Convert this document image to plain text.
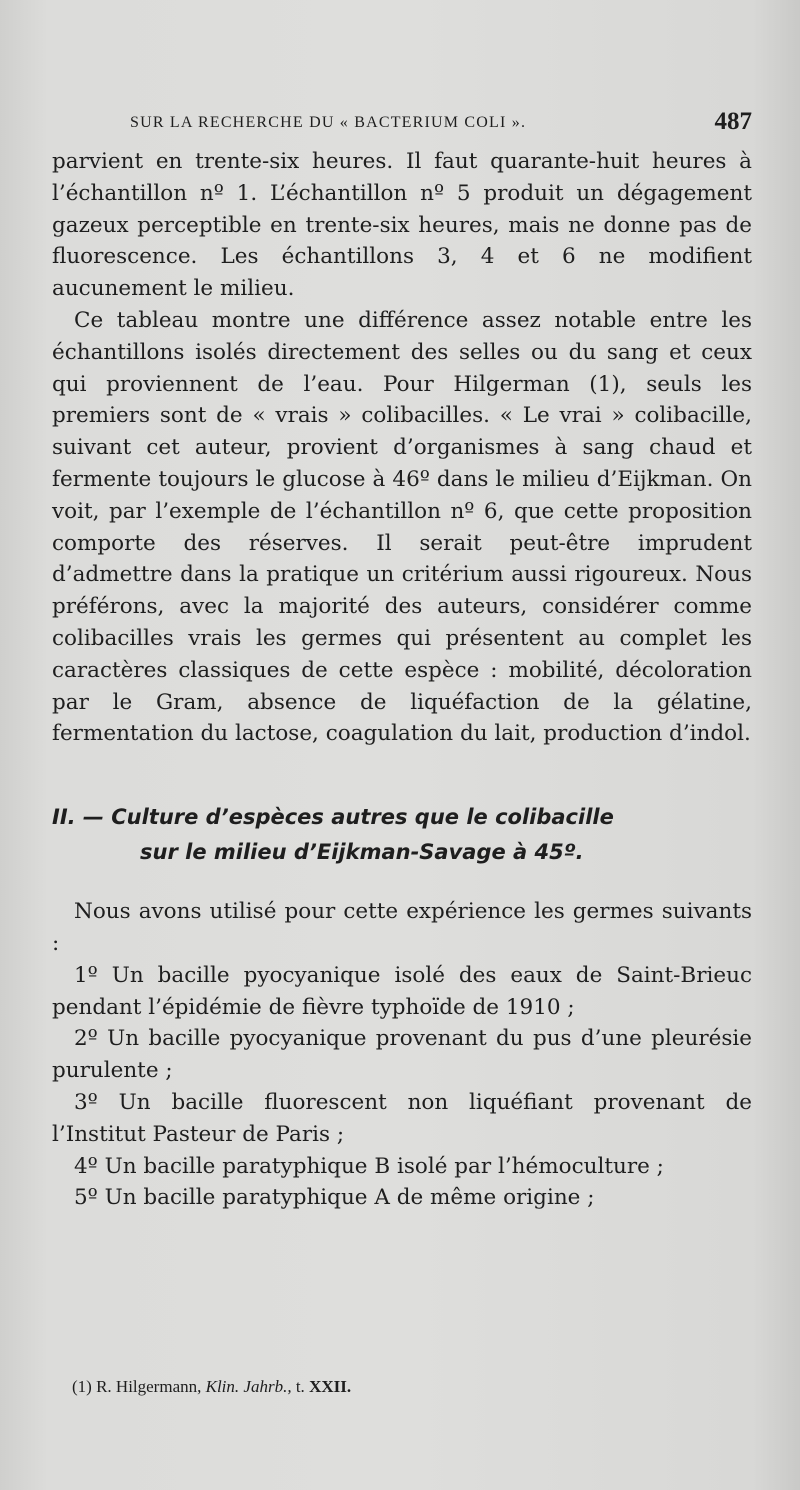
SUR LA RECHERCHE DU « BACTERIUM COLI ».	487

parvient en trente-six heures. Il faut quarante-huit heures à l’échantillon nº 1. L’échantillon nº 5 produit un dégagement gazeux perceptible en trente-six heures, mais ne donne pas de fluorescence. Les échantillons 3, 4 et 6 ne modifient aucunement le milieu.

Ce tableau montre une différence assez notable entre les échantillons isolés directement des selles ou du sang et ceux qui proviennent de l’eau. Pour Hilgerman (1), seuls les premiers sont de « vrais » colibacilles. « Le vrai » colibacille, suivant cet auteur, provient d’organismes à sang chaud et fermente toujours le glucose à 46º dans le milieu d’Eijkman. On voit, par l’exemple de l’échantillon nº 6, que cette proposition comporte des réserves. Il serait peut-être imprudent d’admettre dans la pratique un critérium aussi rigoureux. Nous préférons, avec la majorité des auteurs, considérer comme colibacilles vrais les germes qui présentent au complet les caractères classiques de cette espèce : mobilité, décoloration par le Gram, absence de liquéfaction de la gélatine, fermentation du lactose, coagulation du lait, production d’indol.

II. — Culture d’espèces autres que le colibacille
sur le milieu d’Eijkman-Savage à 45º.

Nous avons utilisé pour cette expérience les germes suivants :

1º Un bacille pyocyanique isolé des eaux de Saint-Brieuc pendant l’épidémie de fièvre typhoïde de 1910 ;

2º Un bacille pyocyanique provenant du pus d’une pleurésie purulente ;

3º Un bacille fluorescent non liquéfiant provenant de l’Institut Pasteur de Paris ;

4º Un bacille paratyphique B isolé par l’hémoculture ;

5º Un bacille paratyphique A de même origine ;

(1) R. Hilgermann, Klin. Jahrb., t. XXII.
